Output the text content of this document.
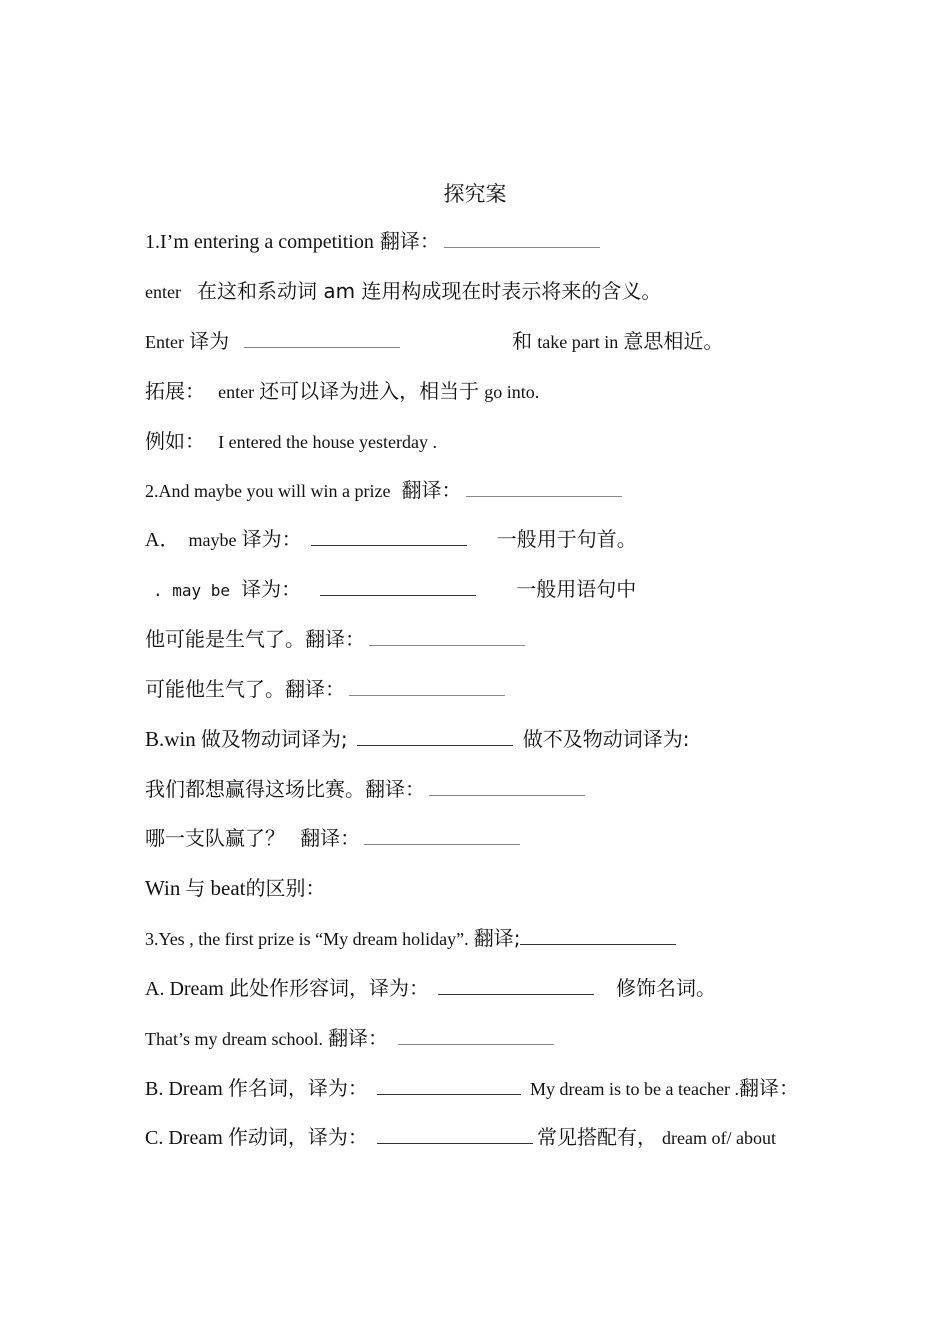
探究案
1.I’m entering a competition 翻译：
enter 在这和系动词 am 连用构成现在时表示将来的含义。
Enter 译为	和 take part in 意思相近。
拓展： enter 还可以译为进入，相当于 go into.
例如： I entered the house yesterday .
2.And maybe you will win a prize 翻译：
A． maybe 译为：	一般用于句首。
. may be 译为：	一般用语句中
他可能是生气了。翻译：
可能他生气了。翻译：
B.win 做及物动词译为;	做不及物动词译为:
我们都想赢得这场比赛。翻译：
哪一支队赢了？ 翻译：
Win 与 beat的区别：
3.Yes , the first prize is “My dream holiday”. 翻译;
A. Dream 此处作形容词，译为：	修饰名词。
That’s my dream school. 翻译：
B. Dream 作名词，译为：	My dream is to be a teacher .翻译：
C. Dream 作动词，译为：	常见搭配有， dream of/ about
